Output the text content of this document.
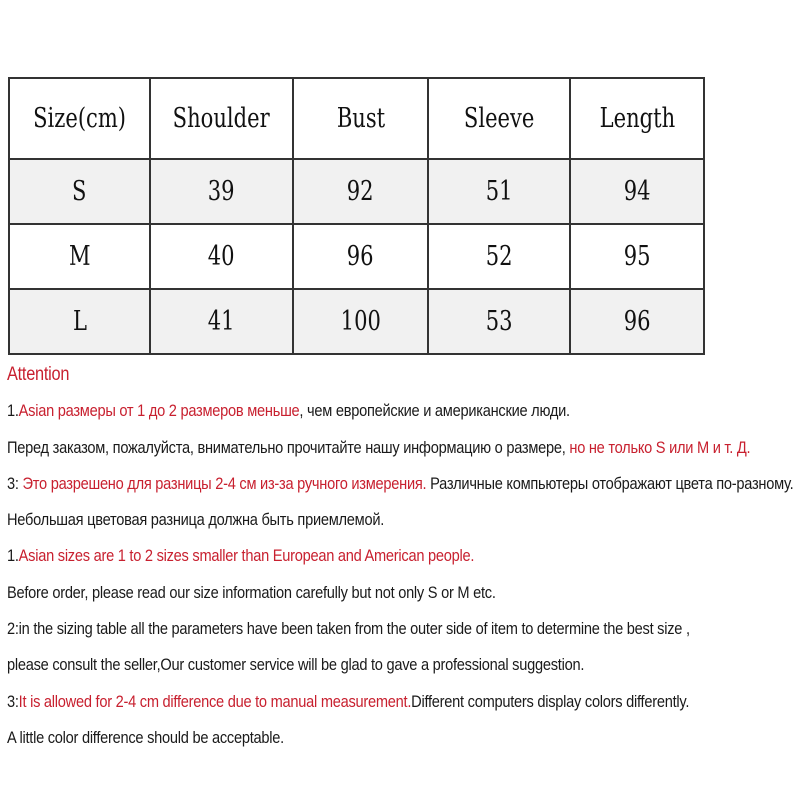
Size(cm)	Shoulder	Bust	Sleeve	Length
S	39	92	51	94
M	40	96	52	95
L	41	100	53	96
Attention
1.Asian размеры от 1 до 2 размеров меньше, чем европейские и американские люди.
Перед заказом, пожалуйста, внимательно прочитайте нашу информацию о размере, но не только S или M и т. Д.
3: Это разрешено для разницы 2-4 см из-за ручного измерения. Различные компьютеры отображают цвета по-разному.
Небольшая цветовая разница должна быть приемлемой.
1.Asian sizes are 1 to 2 sizes smaller than European and American people.
Before order, please read our size information carefully but not only S or M etc.
2:in the sizing table all the parameters have been taken from the outer side of item to determine the best size ,
please consult the seller,Our customer service will be glad to gave a professional suggestion.
3:It is allowed for 2-4 cm difference due to manual measurement.Different computers display colors differently.
A little color difference should be acceptable.
